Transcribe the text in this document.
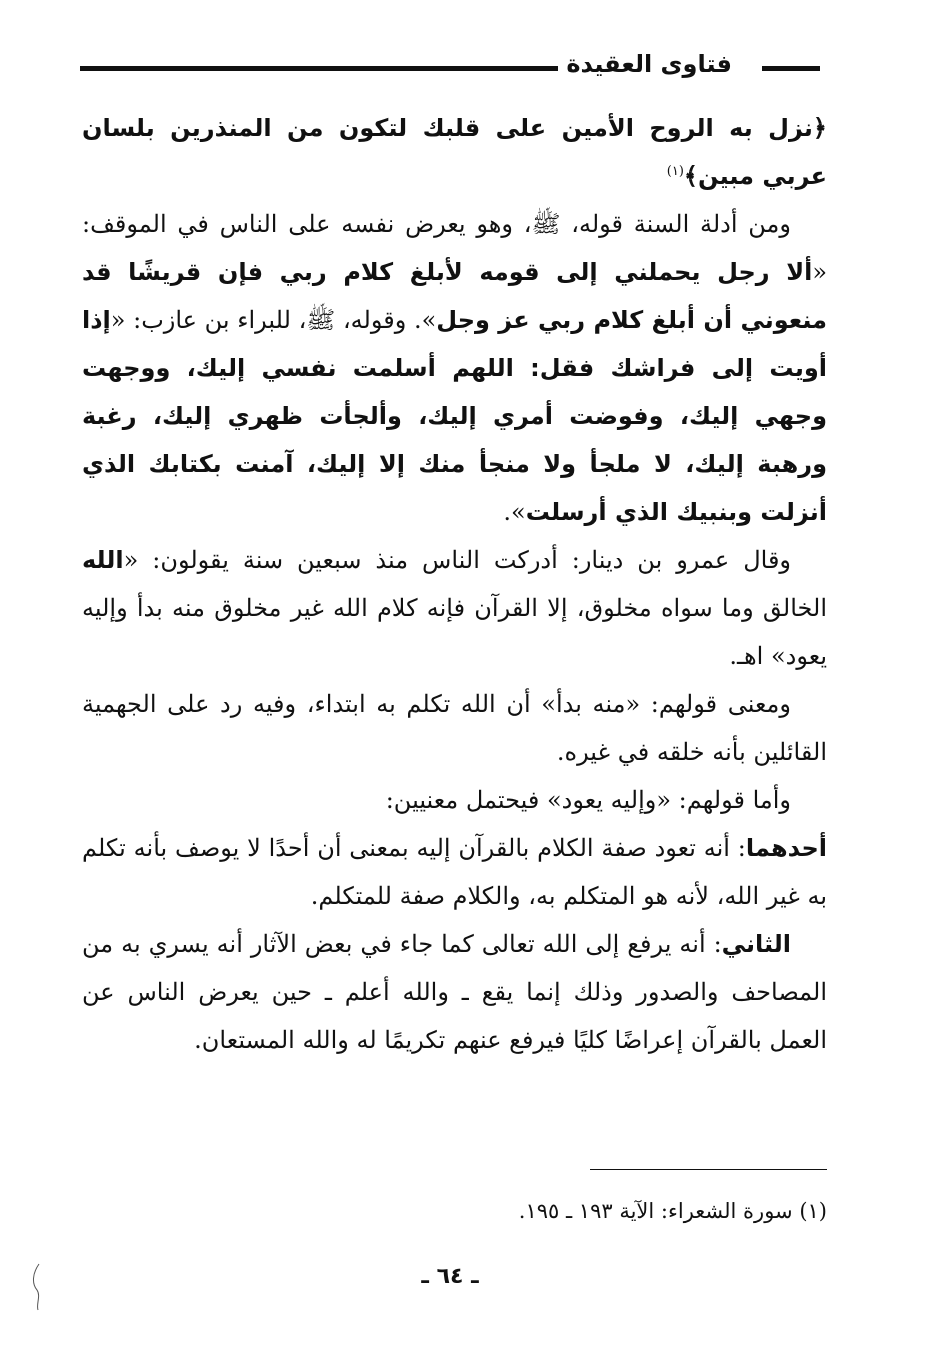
فتاوى العقيدة

﴿نزل به الروح الأمين على قلبك لتكون من المنذرين بلسان عربي مبين﴾$^{(١)}$

ومن أدلة السنة قوله، ﷺ، وهو يعرض نفسه على الناس في الموقف: «ألا رجل يحملني إلى قومه لأبلغ كلام ربي فإن قريشًا قد منعوني أن أبلغ كلام ربي عز وجل». وقوله، ﷺ، للبراء بن عازب: «إذا أويت إلى فراشك فقل: اللهم أسلمت نفسي إليك، ووجهت وجهي إليك، وفوضت أمري إليك، وألجأت ظهري إليك، رغبة ورهبة إليك، لا ملجأ ولا منجأ منك إلا إليك، آمنت بكتابك الذي أنزلت وبنبيك الذي أرسلت».

وقال عمرو بن دينار: أدركت الناس منذ سبعين سنة يقولون: «الله الخالق وما سواه مخلوق، إلا القرآن فإنه كلام الله غير مخلوق منه بدأ وإليه يعود» اهـ.

ومعنى قولهم: «منه بدأ» أن الله تكلم به ابتداء، وفيه رد على الجهمية القائلين بأنه خلقه في غيره.

وأما قولهم: «وإليه يعود» فيحتمل معنيين:

أحدهما: أنه تعود صفة الكلام بالقرآن إليه بمعنى أن أحدًا لا يوصف بأنه تكلم به غير الله، لأنه هو المتكلم به، والكلام صفة للمتكلم.

الثاني: أنه يرفع إلى الله تعالى كما جاء في بعض الآثار أنه يسري به من المصاحف والصدور وذلك إنما يقع ـ والله أعلم ـ حين يعرض الناس عن العمل بالقرآن إعراضًا كليًا فيرفع عنهم تكريمًا له والله المستعان.

(١) سورة الشعراء: الآية ١٩٣ ـ ١٩٥.
ـ ٦٤ ـ
